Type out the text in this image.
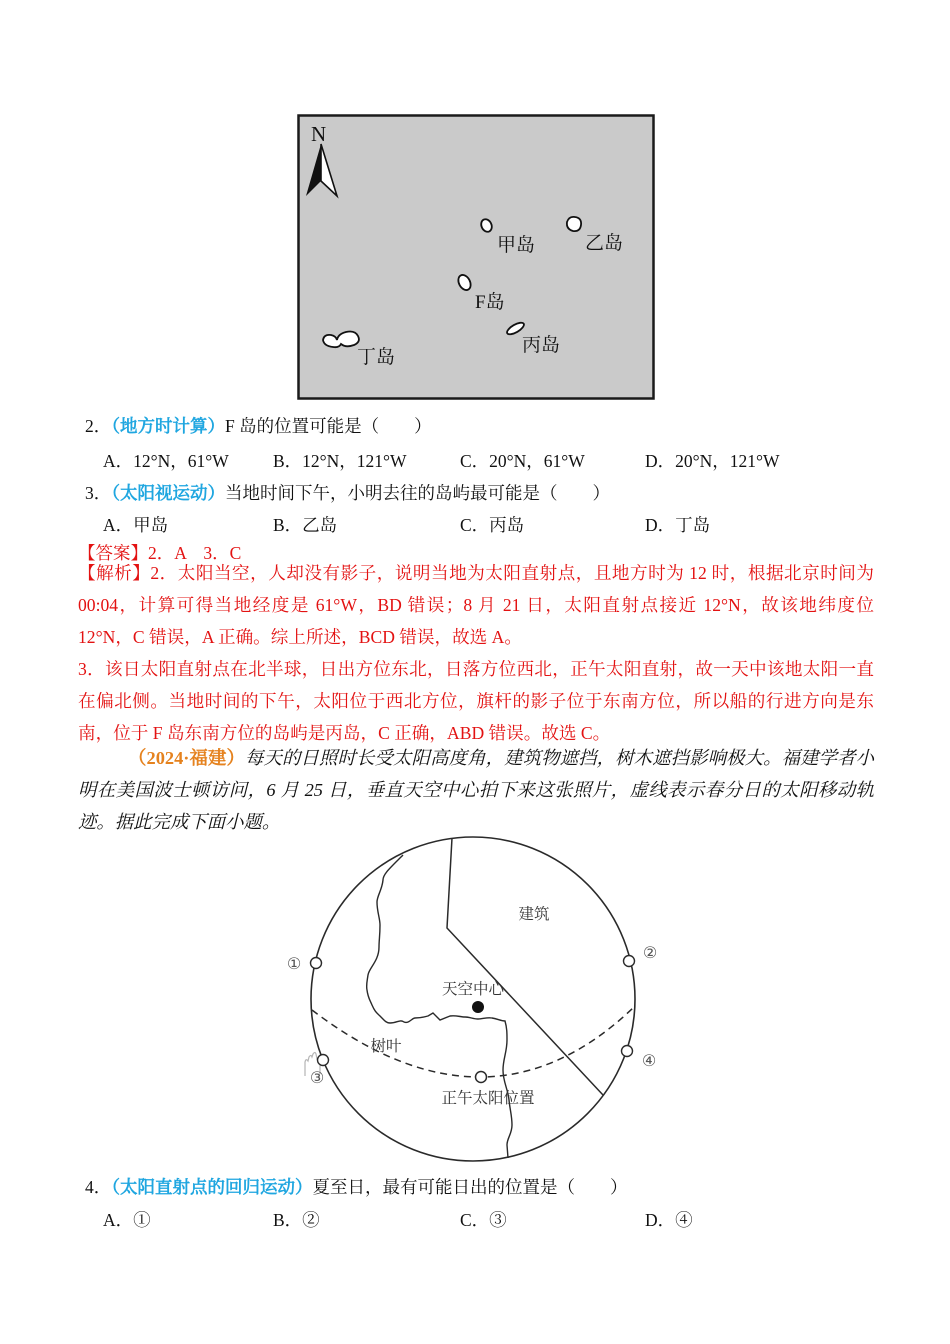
N
甲岛	乙岛
F岛
丙岛
丁岛
2．（地方时计算）F 岛的位置可能是（　　）
A．12°N，61°W	B．12°N，121°W	C．20°N，61°W	D．20°N，121°W
3．（太阳视运动）当地时间下午，小明去往的岛屿最可能是（　　）
A．甲岛	B．乙岛	C．丙岛	D．丁岛
【答案】2．A　3．C

【解析】2．太阳当空，人却没有影子，说明当地为太阳直射点，且地方时为 12 时，根据北京时间为 00:04，计算可得当地经度是 61°W，BD 错误；8 月 21 日，太阳直射点接近 12°N，故该地纬度位 12°N，C 错误，A 正确。综上所述，BCD 错误，故选 A。

3．该日太阳直射点在北半球，日出方位东北，日落方位西北，正午太阳直射，故一天中该地太阳一直在偏北侧。当地时间的下午，太阳位于西北方位，旗杆的影子位于东南方位，所以船的行进方向是东南，位于 F 岛东南方位的岛屿是丙岛，C 正确，ABD 错误。故选 C。

（2024·福建）每天的日照时长受太阳高度角，建筑物遮挡，树木遮挡影响极大。福建学者小明在美国波士顿访问，6 月 25 日，垂直天空中心拍下来这张照片，虚线表示春分日的太阳移动轨迹。据此完成下面小题。

天空中心
建筑
树叶
正午太阳位置
①
②
③
④
4．（太阳直射点的回归运动）夏至日，最有可能日出的位置是（　　）
A．①	B．②	C．③	D．④
